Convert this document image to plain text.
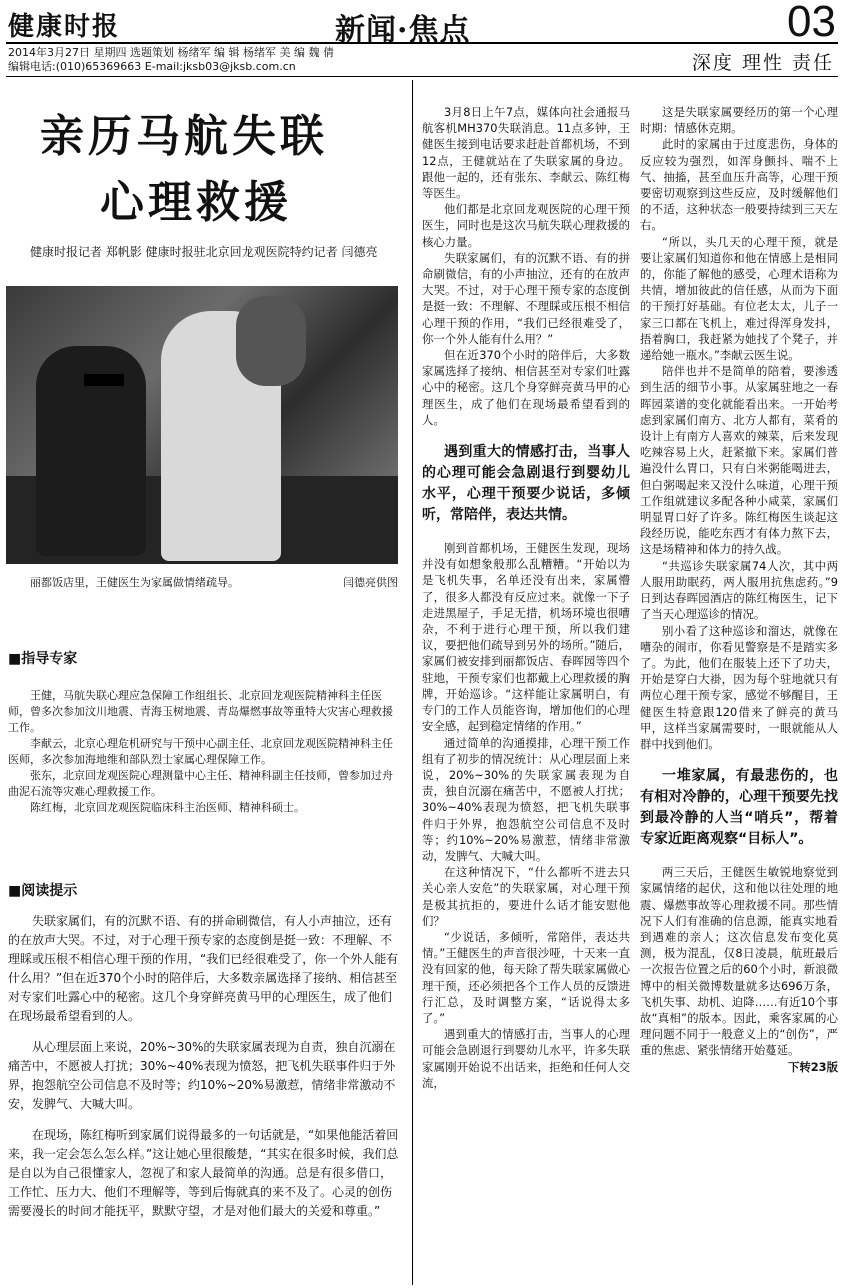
健康时报	新闻·焦点	03
2014年3月27日 星期四 选题策划 杨绪军 编 辑 杨绪军 美 编 魏 倩
编辑电话:(010)65369663 E-mail:jksb03@jksb.com.cn	深度 理性 责任
亲历马航失联
心理救援
健康时报记者 郑帆影 健康时报驻北京回龙观医院特约记者 闫德亮
丽都饭店里，王健医生为家属做情绪疏导。	闫德亮供图
■指导专家

王健，马航失联心理应急保障工作组组长、北京回龙观医院精神科主任医师，曾多次参加汶川地震、青海玉树地震、青岛爆燃事故等重特大灾害心理救援工作。

李献云，北京心理危机研究与干预中心副主任、北京回龙观医院精神科主任医师，多次参加海地维和部队烈士家属心理保障工作。

张东，北京回龙观医院心理测量中心主任、精神科副主任技师，曾参加过舟曲泥石流等灾难心理救援工作。

陈红梅，北京回龙观医院临床科主治医师、精神科硕士。

■阅读提示

失联家属们，有的沉默不语、有的拼命刷微信，有人小声抽泣，还有的在放声大哭。不过，对于心理干预专家的态度倒是挺一致：不理解、不理睬或压根不相信心理干预的作用，“我们已经很难受了，你一个外人能有什么用？”但在近370个小时的陪伴后，大多数亲属选择了接纳、相信甚至对专家们吐露心中的秘密。这几个身穿鲜亮黄马甲的心理医生，成了他们在现场最希望看到的人。

从心理层面上来说，20%~30%的失联家属表现为自责，独自沉溺在痛苦中，不愿被人打扰；30%~40%表现为愤怒，把飞机失联事件归于外界，抱怨航空公司信息不及时等；约10%~20%易激惹，情绪非常激动不安，发脾气、大喊大叫。

在现场，陈红梅听到家属们说得最多的一句话就是，“如果他能活着回来，我一定会怎么怎么样。”这让她心里很酸楚，“其实在很多时候，我们总是自以为自己很懂家人，忽视了和家人最简单的沟通。总是有很多借口，工作忙、压力大、他们不理解等，等到后悔就真的来不及了。心灵的创伤需要漫长的时间才能抚平，默默守望，才是对他们最大的关爱和尊重。”

3月8日上午7点，媒体向社会通报马航客机MH370失联消息。11点多钟，王健医生接到电话要求赶赴首都机场，不到12点，王健就站在了失联家属的身边。跟他一起的，还有张东、李献云、陈红梅等医生。

他们都是北京回龙观医院的心理干预医生，同时也是这次马航失联心理救援的核心力量。

失联家属们，有的沉默不语、有的拼命刷微信，有的小声抽泣，还有的在放声大哭。不过，对于心理干预专家的态度倒是挺一致：不理解、不理睬或压根不相信心理干预的作用，“我们已经很难受了，你一个外人能有什么用？”

但在近370个小时的陪伴后，大多数家属选择了接纳、相信甚至对专家们吐露心中的秘密。这几个身穿鲜亮黄马甲的心理医生，成了他们在现场最希望看到的人。

遇到重大的情感打击，当事人的心理可能会急剧退行到婴幼儿水平，心理干预要少说话，多倾听，常陪伴，表达共情。

刚到首都机场，王健医生发现，现场并没有如想象般那么乱糟糟。“开始以为是飞机失事，名单还没有出来，家属懵了，很多人都没有反应过来。就像一下子走进黑屋子，手足无措，机场环境也很嘈杂，不利于进行心理干预，所以我们建议，要把他们疏导到另外的场所。”随后，家属们被安排到丽都饭店、春晖园等四个驻地，干预专家们也都戴上心理救援的胸牌，开始巡诊。“这样能让家属明白，有专门的工作人员能咨询，增加他们的心理安全感，起到稳定情绪的作用。”

通过简单的沟通摸排，心理干预工作组有了初步的情况统计：从心理层面上来说，20%~30%的失联家属表现为自责，独自沉溺在痛苦中，不愿被人打扰；30%~40%表现为愤怒，把飞机失联事件归于外界，抱怨航空公司信息不及时等；约10%~20%易激惹，情绪非常激动，发脾气、大喊大叫。

在这种情况下，“什么都听不进去只关心亲人安危”的失联家属，对心理干预是极其抗拒的，要进什么话才能安慰他们？

“少说话，多倾听，常陪伴，表达共情。”王健医生的声音很沙哑，十天来一直没有回家的他，每天除了帮失联家属做心理干预，还必须把各个工作人员的反馈进行汇总，及时调整方案，“话说得太多了。”

遇到重大的情感打击，当事人的心理可能会急剧退行到婴幼儿水平，许多失联家属刚开始说不出话来，拒绝和任何人交流，

这是失联家属要经历的第一个心理时期：情感休克期。

此时的家属由于过度悲伤，身体的反应较为强烈，如浑身颤抖、喘不上气、抽搐，甚至血压升高等，心理干预要密切观察到这些反应，及时缓解他们的不适，这种状态一般要持续到三天左右。

“所以，头几天的心理干预，就是要让家属们知道你和他在情感上是相同的，你能了解他的感受，心理术语称为共情，增加彼此的信任感，从而为下面的干预打好基础。有位老太太，儿子一家三口都在飞机上，难过得浑身发抖，捂着胸口，我赶紧为她找了个凳子，并递给她一瓶水。”李献云医生说。

陪伴也并不是简单的陪着，要渗透到生活的细节小事。从家属驻地之一春晖园菜谱的变化就能看出来。一开始考虑到家属们南方、北方人都有，菜肴的设计上有南方人喜欢的辣菜，后来发现吃辣容易上火，赶紧撤下来。家属们普遍没什么胃口，只有白米粥能喝进去，但白粥喝起来又没什么味道，心理干预工作组就建议多配各种小咸菜，家属们明显胃口好了许多。陈红梅医生谈起这段经历说，能吃东西才有体力熬下去，这是场精神和体力的持久战。

“共巡诊失联家属74人次，其中两人服用助眠药，两人服用抗焦虑药。”9日到达春晖园酒店的陈红梅医生，记下了当天心理巡诊的情况。

别小看了这种巡诊和溜达，就像在嘈杂的闹市，你看见警察是不是踏实多了。为此，他们在服装上还下了功夫，开始是穿白大褂，因为每个驻地就只有两位心理干预专家，感觉不够醒目，王健医生特意跟120借来了鲜亮的黄马甲，这样当家属需要时，一眼就能从人群中找到他们。

一堆家属，有最悲伤的，也有相对冷静的，心理干预要先找到最冷静的人当“哨兵”，帮着专家近距离观察“目标人”。

两三天后，王健医生敏锐地察觉到家属情绪的起伏，这和他以往处理的地震、爆燃事故等心理救援不同。那些情况下人们有准确的信息源，能真实地看到遇难的亲人；这次信息发布变化莫测，极为混乱，仅8日凌晨，航班最后一次报告位置之后的60个小时，新浪微博中的相关微博数量就多达696万条，飞机失事、劫机、迫降……有近10个事故“真相”的版本。因此，乘客家属的心理问题不同于一般意义上的“创伤”，严重的焦虑、紧张情绪开始蔓延。

下转23版
